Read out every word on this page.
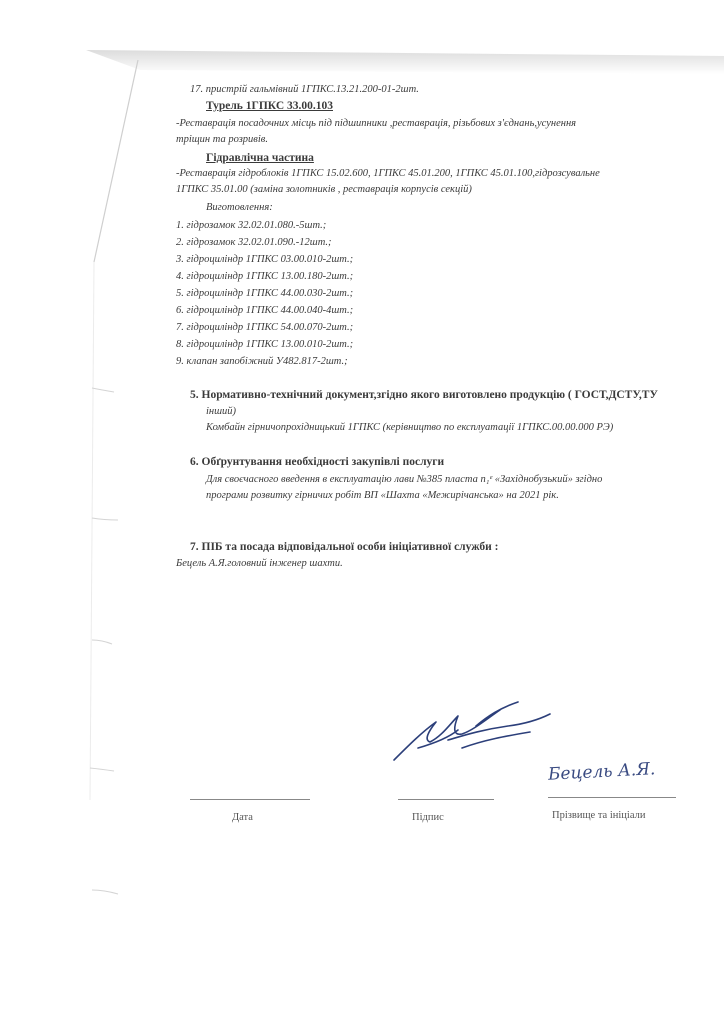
17. пристрій гальмівний 1ГПКС.13.21.200-01-2шт.
Турель 1ГПКС 33.00.103
-Реставрація посадочних місць під підшипники ,реставрація, різьбових з'єднань,усунення
тріщин та розривів.
Гідравлічна частина
-Реставрація гідроблоків 1ГПКС 15.02.600, 1ГПКС 45.01.200, 1ГПКС 45.01.100,гідрозсувальне
1ГПКС 35.01.00 (заміна золотників , реставрація корпусів секцій)
Виготовлення:
1. гідрозамок 32.02.01.080.-5шт.;
2. гідрозамок 32.02.01.090.-12шт.;
3. гідроциліндр 1ГПКС 03.00.010-2шт.;
4. гідроциліндр 1ГПКС 13.00.180-2шт.;
5. гідроциліндр 1ГПКС 44.00.030-2шт.;
6. гідроциліндр 1ГПКС 44.00.040-4шт.;
7. гідроциліндр 1ГПКС 54.00.070-2шт.;
8. гідроциліндр 1ГПКС 13.00.010-2шт.;
9. клапан запобіжний У482.817-2шт.;
5. Нормативно-технічний документ,згідно якого виготовлено продукцію ( ГОСТ,ДСТУ,ТУ
інший)
Комбайн гірничопрохідницький 1ГПКС (керівництво по експлуатації 1ГПКС.00.00.000 РЭ)
6. Обґрунтування необхідності закупівлі послуги
Для своєчасного введення в експлуатацію лави №385 пласта n₁ᵉ «Західнобузький» згідно
програми розвитку гірничих робіт ВП «Шахта «Межирічанська» на 2021 рік.
7. ПІБ та посада відповідальної особи ініціативної служби :
Бецель А.Я.головний інженер шахти.
Бецель А.Я.
Дата	Підпис	Прізвище та ініціали
